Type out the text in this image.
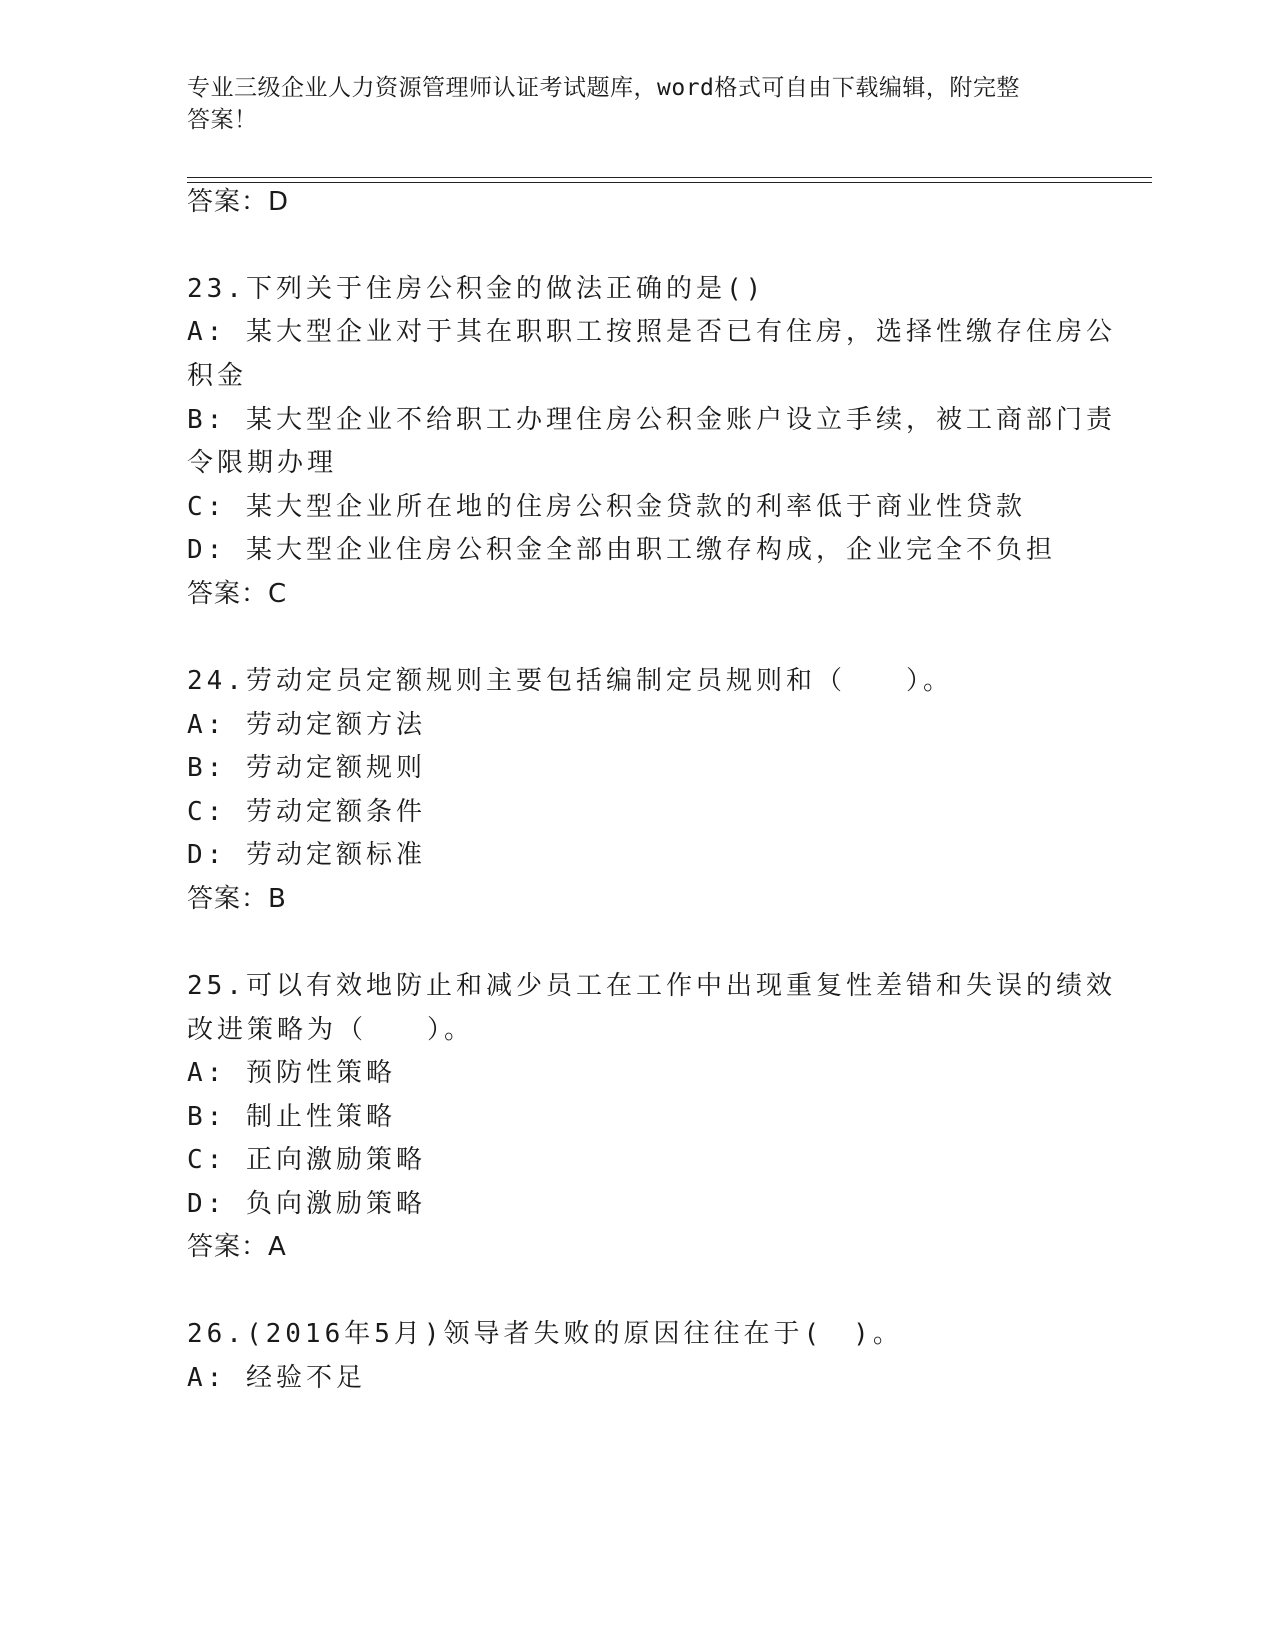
专业三级企业人力资源管理师认证考试题库，word格式可自由下载编辑，附完整
答案！
答案：D
23.下列关于住房公积金的做法正确的是()
A: 某大型企业对于其在职职工按照是否已有住房，选择性缴存住房公
积金
B: 某大型企业不给职工办理住房公积金账户设立手续，被工商部门责
令限期办理
C: 某大型企业所在地的住房公积金贷款的利率低于商业性贷款
D: 某大型企业住房公积金全部由职工缴存构成，企业完全不负担
答案：C
24.劳动定员定额规则主要包括编制定员规则和（　　）。
A: 劳动定额方法
B: 劳动定额规则
C: 劳动定额条件
D: 劳动定额标准
答案：B
25.可以有效地防止和减少员工在工作中出现重复性差错和失误的绩效
改进策略为（　　）。
A: 预防性策略
B: 制止性策略
C: 正向激励策略
D: 负向激励策略
答案：A
26.(2016年5月)领导者失败的原因往往在于(　)。
A: 经验不足
